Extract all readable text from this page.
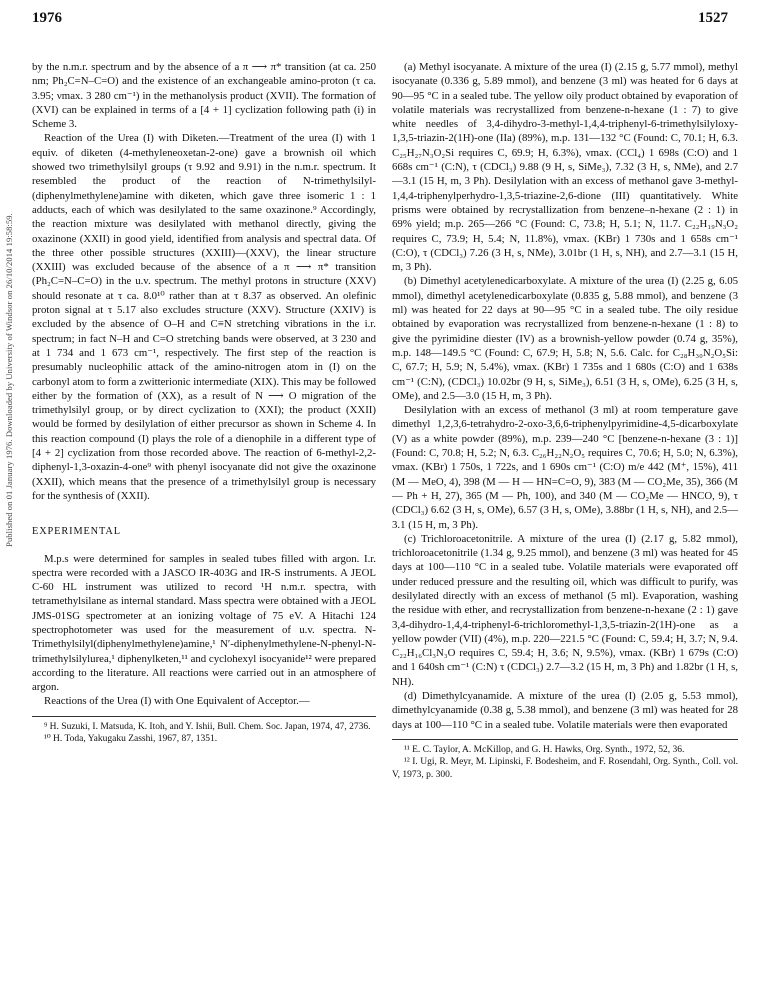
Published on 01 January 1976. Downloaded by University of Windsor on 26/10/2014 19:58:59.
1976	1527

by the n.m.r. spectrum and by the absence of a π ⟶ π* transition (at ca. 250 nm; Ph₂C=N–C=O) and the existence of an exchangeable amino-proton (τ ca. 3.95; νmax. 3 280 cm⁻¹) in the methanolysis product (XVII). The formation of (XVI) can be explained in terms of a [4 + 1] cyclization following path (i) in Scheme 3.

Reaction of the Urea (I) with Diketen.—Treatment of the urea (I) with 1 equiv. of diketen (4-methyleneoxetan-2-one) gave a brownish oil which showed two trimethylsilyl groups (τ 9.92 and 9.91) in the n.m.r. spectrum. It resembled the product of the reaction of N-trimethylsilyl-(diphenylmethylene)amine with diketen, which gave three isomeric 1 : 1 adducts, each of which was desilylated to the same oxazinone.⁹ Accordingly, the reaction mixture was desilylated with methanol directly, giving the oxazinone (XXII) in good yield, identified from analysis and spectral data. Of the three other possible structures (XXIII)—(XXV), the linear structure (XXIII) was excluded because of the absence of a π ⟶ π* transition (Ph₂C=N–C=O) in the u.v. spectrum. The methyl protons in structure (XXV) should resonate at τ ca. 8.0¹⁰ rather than at τ 8.37 as observed. An olefinic proton signal at τ 5.17 also excludes structure (XXV). Structure (XXIV) is excluded by the absence of O–H and C≡N stretching vibrations in the i.r. spectrum; in fact N–H and C=O stretching bands were observed, at 3 230 and at 1 734 and 1 673 cm⁻¹, respectively. The first step of the reaction is presumably nucleophilic attack of the amino-nitrogen atom in (I) on the carbonyl atom to form a zwitterionic intermediate (XIX). This may be followed either by the formation of (XX), as a result of N ⟶ O migration of the trimethylsilyl group, or by direct cyclization to (XXI); the product (XXII) would be formed by desilylation of either precursor as shown in Scheme 4. In this reaction compound (I) plays the role of a dienophile in a different type of [4 + 2] cyclization from those recorded above. The reaction of 6-methyl-2,2-diphenyl-1,3-oxazin-4-one⁹ with phenyl isocyanate did not give the oxazinone (XXII), which means that the presence of a trimethylsilyl group is necessary for the synthesis of (XXII).

EXPERIMENTAL

M.p.s were determined for samples in sealed tubes filled with argon. I.r. spectra were recorded with a JASCO IR-403G and IR-S instruments. A JEOL C-60 HL instrument was utilized to record ¹H n.m.r. spectra, with tetramethylsilane as internal standard. Mass spectra were obtained with a JEOL JMS-01SG spectrometer at an ionizing voltage of 75 eV. A Hitachi 124 spectrophotometer was used for the measurement of u.v. spectra. N-Trimethylsilyl(diphenylmethylene)amine,¹ N′-diphenylmethylene-N-phenyl-N-trimethylsilylurea,¹ diphenylketen,¹¹ and cyclohexyl isocyanide¹² were prepared according to the literature. All reactions were carried out in an atmosphere of argon.

Reactions of the Urea (I) with One Equivalent of Acceptor.—

⁹ H. Suzuki, I. Matsuda, K. Itoh, and Y. Ishii, Bull. Chem. Soc. Japan, 1974, 47, 2736.

¹⁰ H. Toda, Yakugaku Zasshi, 1967, 87, 1351.

(a) Methyl isocyanate. A mixture of the urea (I) (2.15 g, 5.77 mmol), methyl isocyanate (0.336 g, 5.89 mmol), and benzene (3 ml) was heated for 6 days at 90—95 °C in a sealed tube. The yellow oily product obtained by evaporation of volatile materials was recrystallized from benzene-n-hexane (1 : 7) to give white needles of 3,4-dihydro-3-methyl-1,4,4-triphenyl-6-trimethylsilyloxy-1,3,5-triazin-2(1H)-one (IIa) (89%), m.p. 131—132 °C (Found: C, 70.1; H, 6.3. C₂₅H₂₇N₃O₂Si requires C, 69.9; H, 6.3%), νmax. (CCl₄) 1 698s (C:O) and 1 668s cm⁻¹ (C:N), τ (CDCl₃) 9.88 (9 H, s, SiMe₃), 7.32 (3 H, s, NMe), and 2.7—3.1 (15 H, m, 3 Ph). Desilylation with an excess of methanol gave 3-methyl-1,4,4-triphenylperhydro-1,3,5-triazine-2,6-dione (III) quantitatively. White prisms were obtained by recrystallization from benzene–n-hexane (2 : 1) in 69% yield; m.p. 265—266 °C (Found: C, 73.8; H, 5.1; N, 11.7. C₂₂H₁₉N₃O₂ requires C, 73.9; H, 5.4; N, 11.8%), νmax. (KBr) 1 730s and 1 658s cm⁻¹ (C:O), τ (CDCl₃) 7.26 (3 H, s, NMe), 3.01br (1 H, s, NH), and 2.7—3.1 (15 H, m, 3 Ph).

(b) Dimethyl acetylenedicarboxylate. A mixture of the urea (I) (2.25 g, 6.05 mmol), dimethyl acetylenedicarboxylate (0.835 g, 5.88 mmol), and benzene (3 ml) was heated for 22 days at 90—95 °C in a sealed tube. The oily residue obtained by evaporation was recrystallized from benzene-n-hexane (1 : 8) to give the pyrimidine diester (IV) as a brownish-yellow powder (0.74 g, 35%), m.p. 148—149.5 °C (Found: C, 67.9; H, 5.8; N, 5.6. Calc. for C₂₈H₃₀N₂O₅Si: C, 67.7; H, 5.9; N, 5.4%), νmax. (KBr) 1 735s and 1 680s (C:O) and 1 638s cm⁻¹ (C:N), (CDCl₃) 10.02br (9 H, s, SiMe₃), 6.51 (3 H, s, OMe), 6.25 (3 H, s, OMe), and 2.5—3.0 (15 H, m, 3 Ph).

Desilylation with an excess of methanol (3 ml) at room temperature gave dimethyl 1,2,3,6-tetrahydro-2-oxo-3,6,6-triphenylpyrimidine-4,5-dicarboxylate (V) as a white powder (89%), m.p. 239—240 °C [benzene-n-hexane (3 : 1)] (Found: C, 70.8; H, 5.2; N, 6.3. C₂₆H₂₂N₂O₅ requires C, 70.6; H, 5.0; N, 6.3%), νmax. (KBr) 1 750s, 1 722s, and 1 690s cm⁻¹ (C:O) m/e 442 (M⁺, 15%), 411 (M — MeO, 4), 398 (M — H — HN=C=O, 9), 383 (M — CO₂Me, 35), 366 (M — Ph + H, 27), 365 (M — Ph, 100), and 340 (M — CO₂Me — HNCO, 9), τ (CDCl₃) 6.62 (3 H, s, OMe), 6.57 (3 H, s, OMe), 3.88br (1 H, s, NH), and 2.5—3.1 (15 H, m, 3 Ph).

(c) Trichloroacetonitrile. A mixture of the urea (I) (2.17 g, 5.82 mmol), trichloroacetonitrile (1.34 g, 9.25 mmol), and benzene (3 ml) was heated for 45 days at 100—110 °C in a sealed tube. Volatile materials were evaporated off under reduced pressure and the resulting oil, which was difficult to purify, was desilylated directly with an excess of methanol (5 ml). Evaporation, washing the residue with ether, and recrystallization from benzene-n-hexane (2 : 1) gave 3,4-dihydro-1,4,4-triphenyl-6-trichloromethyl-1,3,5-triazin-2(1H)-one as a yellow powder (VII) (4%), m.p. 220—221.5 °C (Found: C, 59.4; H, 3.7; N, 9.4. C₂₂H₁₆Cl₃N₃O requires C, 59.4; H, 3.6; N, 9.5%), νmax. (KBr) 1 679s (C:O) and 1 640sh cm⁻¹ (C:N) τ (CDCl₃) 2.7—3.2 (15 H, m, 3 Ph) and 1.82br (1 H, s, NH).

(d) Dimethylcyanamide. A mixture of the urea (I) (2.05 g, 5.53 mmol), dimethylcyanamide (0.38 g, 5.38 mmol), and benzene (3 ml) was heated for 28 days at 100—110 °C in a sealed tube. Volatile materials were then evaporated

¹¹ E. C. Taylor, A. McKillop, and G. H. Hawks, Org. Synth., 1972, 52, 36.

¹² I. Ugi, R. Meyr, M. Lipinski, F. Bodesheim, and F. Rosendahl, Org. Synth., Coll. vol. V, 1973, p. 300.
